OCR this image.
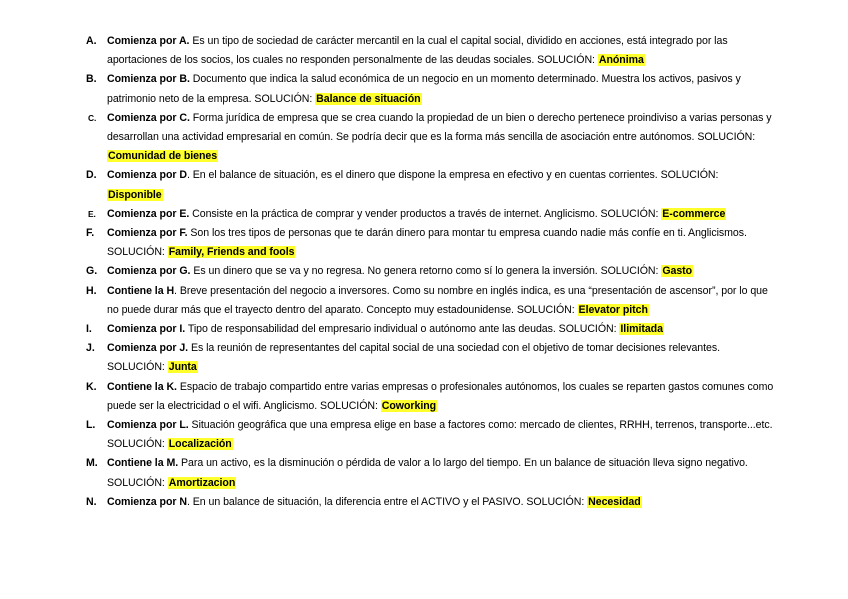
A. Comienza por A. Es un tipo de sociedad de carácter mercantil en la cual el capital social, dividido en acciones, está integrado por las aportaciones de los socios, los cuales no responden personalmente de las deudas sociales. SOLUCIÓN: Anónima
B. Comienza por B. Documento que indica la salud económica de un negocio en un momento determinado. Muestra los activos, pasivos y patrimonio neto de la empresa. SOLUCIÓN: Balance de situación
C. Comienza por C. Forma jurídica de empresa que se crea cuando la propiedad de un bien o derecho pertenece proindiviso a varias personas y desarrollan una actividad empresarial en común. Se podría decir que es la forma más sencilla de asociación entre autónomos. SOLUCIÓN: Comunidad de bienes
D. Comienza por D. En el balance de situación, es el dinero que dispone la empresa en efectivo y en cuentas corrientes. SOLUCIÓN: Disponible
E. Comienza por E. Consiste en la práctica de comprar y vender productos a través de internet. Anglicismo. SOLUCIÓN: E-commerce
F. Comienza por F. Son los tres tipos de personas que te darán dinero para montar tu empresa cuando nadie más confíe en ti. Anglicismos. SOLUCIÓN: Family, Friends and fools
G. Comienza por G. Es un dinero que se va y no regresa. No genera retorno como sí lo genera la inversión. SOLUCIÓN: Gasto
H. Contiene la H. Breve presentación del negocio a inversores. Como su nombre en inglés indica, es una “presentación de ascensor”, por lo que no puede durar más que el trayecto dentro del aparato. Concepto muy estadounidense. SOLUCIÓN: Elevator pitch
I. Comienza por I. Tipo de responsabilidad del empresario individual o autónomo ante las deudas. SOLUCIÓN: Ilimitada
J. Comienza por J. Es la reunión de representantes del capital social de una sociedad con el objetivo de tomar decisiones relevantes. SOLUCIÓN: Junta
K. Contiene la K. Espacio de trabajo compartido entre varias empresas o profesionales autónomos, los cuales se reparten gastos comunes como puede ser la electricidad o el wifi. Anglicismo. SOLUCIÓN: Coworking
L. Comienza por L. Situación geográfica que una empresa elige en base a factores como: mercado de clientes, RRHH, terrenos, transporte...etc. SOLUCIÓN: Localización
M. Contiene la M. Para un activo, es la disminución o pérdida de valor a lo largo del tiempo. En un balance de situación lleva signo negativo. SOLUCIÓN: Amortizacion
N. Comienza por N. En un balance de situación, la diferencia entre el ACTIVO y el PASIVO. SOLUCIÓN: Necesidad
